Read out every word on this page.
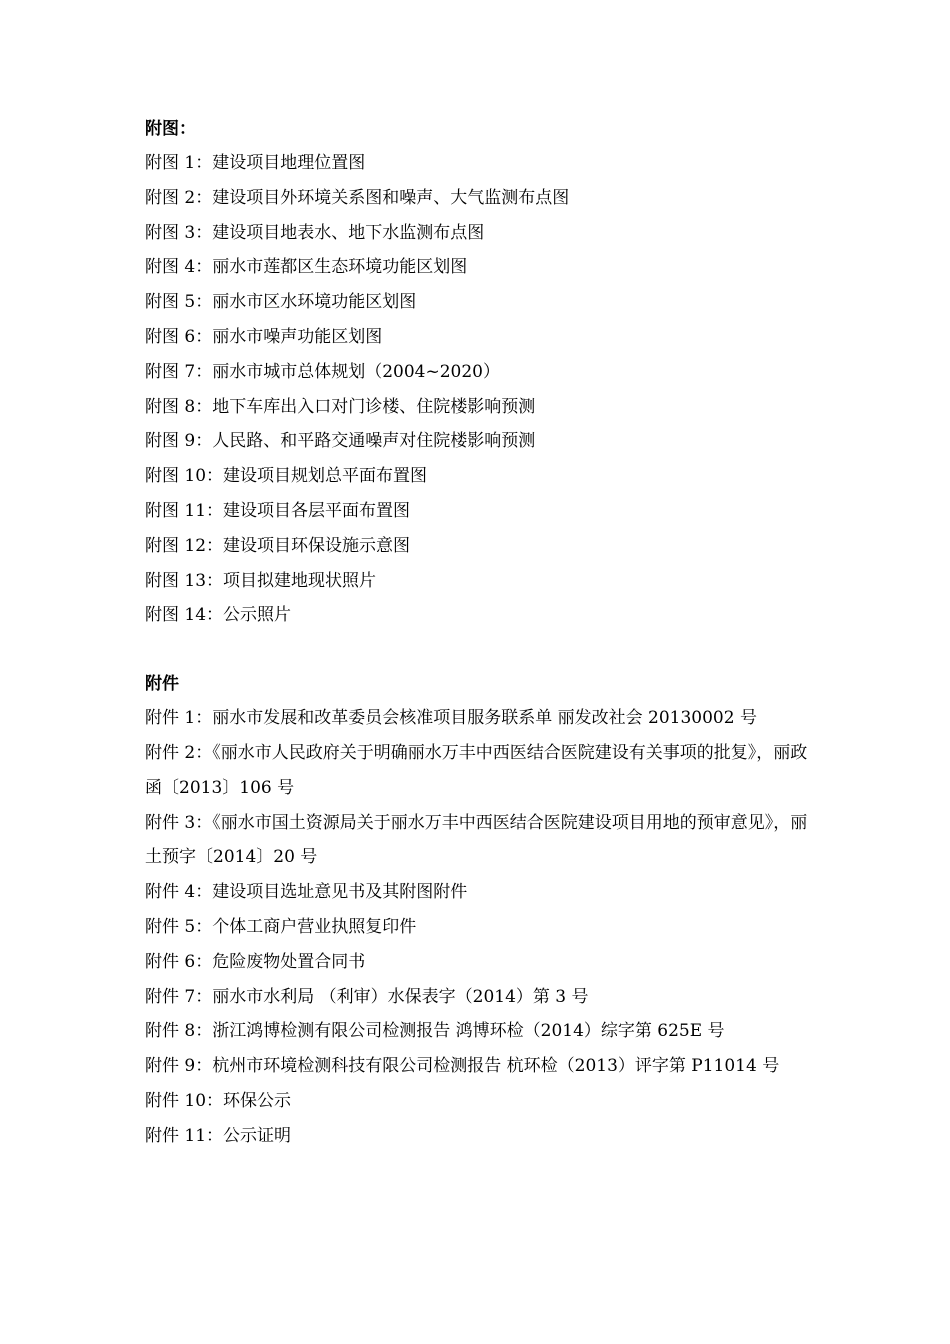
附图：
附图 1：建设项目地理位置图
附图 2：建设项目外环境关系图和噪声、大气监测布点图
附图 3：建设项目地表水、地下水监测布点图
附图 4：丽水市莲都区生态环境功能区划图
附图 5：丽水市区水环境功能区划图
附图 6：丽水市噪声功能区划图
附图 7：丽水市城市总体规划（2004~2020）
附图 8：地下车库出入口对门诊楼、住院楼影响预测
附图 9：人民路、和平路交通噪声对住院楼影响预测
附图 10：建设项目规划总平面布置图
附图 11：建设项目各层平面布置图
附图 12：建设项目环保设施示意图
附图 13：项目拟建地现状照片
附图 14：公示照片
附件
附件 1：丽水市发展和改革委员会核准项目服务联系单 丽发改社会 20130002 号
附件 2：《丽水市人民政府关于明确丽水万丰中西医结合医院建设有关事项的批复》，丽政函〔2013〕106 号
附件 3：《丽水市国土资源局关于丽水万丰中西医结合医院建设项目用地的预审意见》，丽土预字〔2014〕20 号
附件 4：建设项目选址意见书及其附图附件
附件 5：个体工商户营业执照复印件
附件 6：危险废物处置合同书
附件 7：丽水市水利局 （利审）水保表字（2014）第 3 号
附件 8：浙江鸿博检测有限公司检测报告 鸿博环检（2014）综字第 625E 号
附件 9：杭州市环境检测科技有限公司检测报告 杭环检（2013）评字第 P11014 号
附件 10：环保公示
附件 11：公示证明
